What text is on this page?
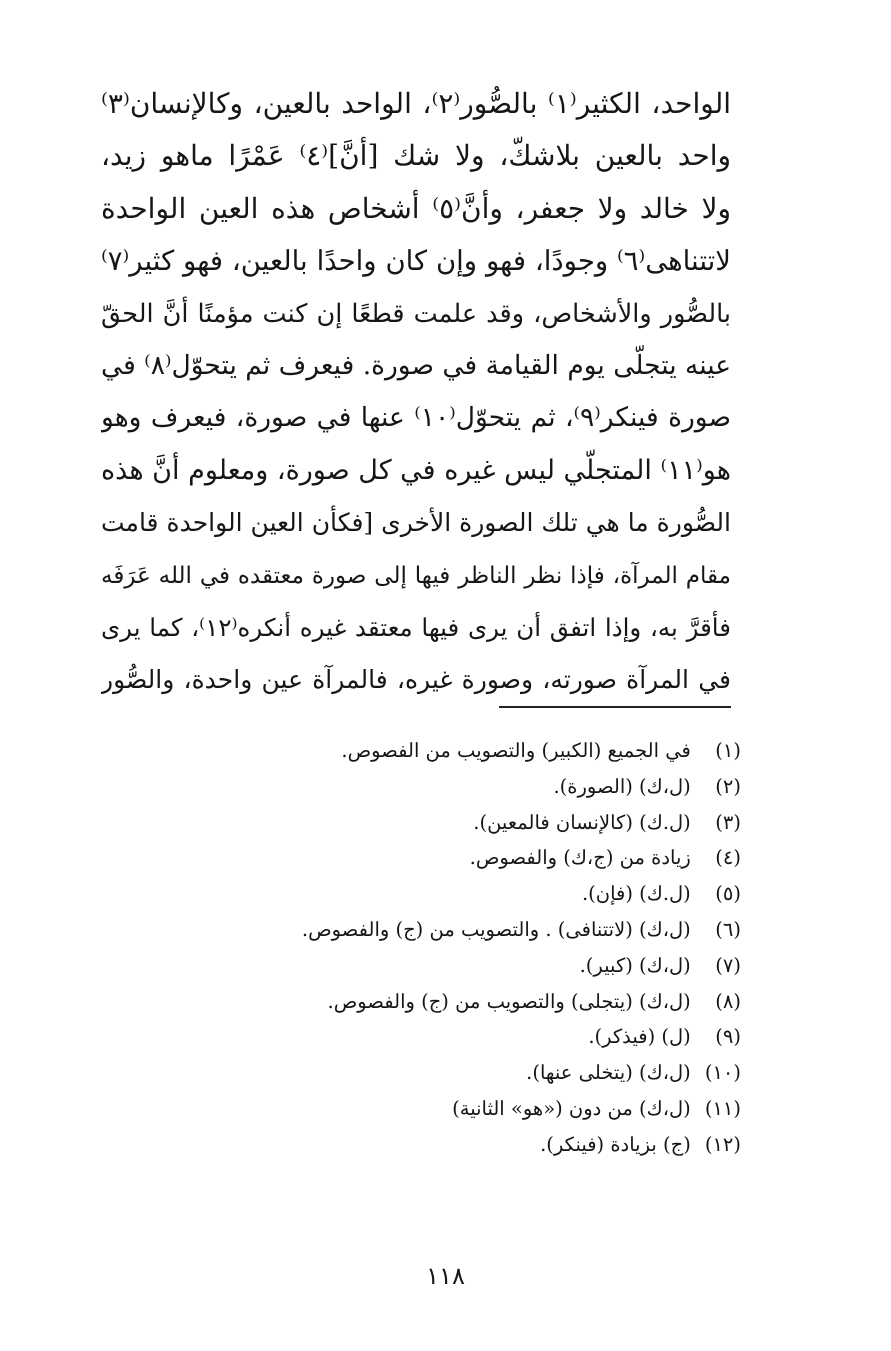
الواحد، الكثير⁽١⁾ بالصُّور⁽٢⁾، الواحد بالعين، وكالإنسان⁽٣⁾
واحد بالعين بلاشكّ، ولا شك [أنَّ]⁽٤⁾ عَمْرًا ماهو زيد،
ولا خالد ولا جعفر، وأنَّ⁽٥⁾ أشخاص هذه العين الواحدة
لاتتناهى⁽٦⁾ وجودًا، فهو وإن كان واحدًا بالعين، فهو كثير⁽٧⁾
بالصُّور والأشخاص، وقد علمت قطعًا إن كنت مؤمنًا أنَّ الحقّ
عينه يتجلّى يوم القيامة في صورة. فيعرف ثم يتحوّل⁽٨⁾ في
صورة فينكر⁽٩⁾، ثم يتحوّل⁽١٠⁾ عنها في صورة، فيعرف وهو
هو⁽١١⁾ المتجلّي ليس غيره في كل صورة، ومعلوم أنَّ هذه
الصُّورة ما هي تلك الصورة الأخرى [فكأن العين الواحدة قامت
مقام المرآة، فإذا نظر الناظر فيها إلى صورة معتقده في الله عَرَفَه
فأقرَّ به، وإذا اتفق أن يرى فيها معتقد غيره أنكره⁽١٢⁾، كما يرى
في المرآة صورته، وصورة غيره، فالمرآة عين واحدة، والصُّور
(١) في الجميع (الكبير) والتصويب من الفصوص.
(٢) (ل،ك) (الصورة).
(٣) (ل.ك) (كالإنسان فالمعين).
(٤) زيادة من (ج،ك) والفصوص.
(٥) (ل.ك) (فإن).
(٦) (ل،ك) (لاتتنافى) . والتصويب من (ج) والفصوص.
(٧) (ل،ك) (كبير).
(٨) (ل،ك) (يتجلى) والتصويب من (ج) والفصوص.
(٩) (ل) (فيذكر).
(١٠) (ل،ك) (يتخلى عنها).
(١١) (ل،ك) من دون («هو» الثانية)
(١٢) (ج) بزيادة (فينكر).
١١٨
